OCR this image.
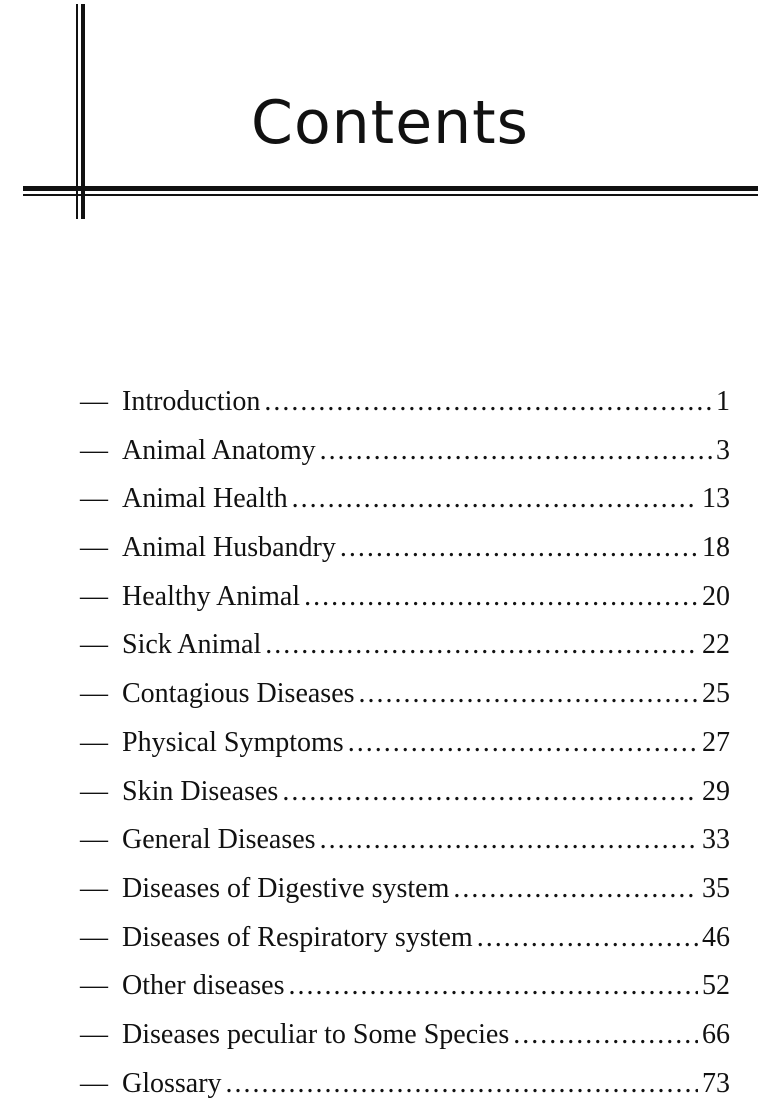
Contents
— Introduction .....	1
— Animal Anatomy .....	3
— Animal Health .....	13
— Animal Husbandry .....	18
— Healthy Animal .....	20
— Sick Animal .....	22
— Contagious Diseases .....	25
— Physical Symptoms .....	27
— Skin Diseases .....	29
— General Diseases .....	33
— Diseases of Digestive system .....	35
— Diseases of Respiratory system .....	46
— Other diseases .....	52
— Diseases peculiar to Some Species .....	66
— Glossary .....	73
